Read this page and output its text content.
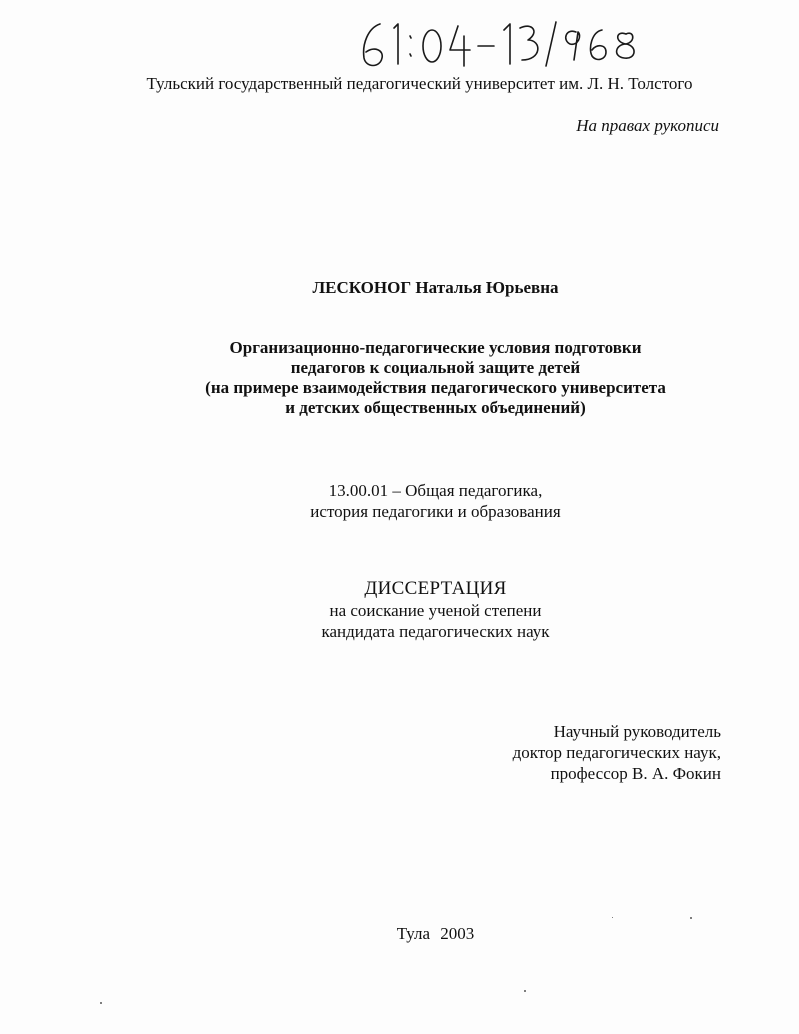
Тульский государственный педагогический университет им. Л. Н. Толстого
На правах рукописи
ЛЕСКОНОГ Наталья Юрьевна
Организационно-педагогические условия подготовки
педагогов к социальной защите детей
(на примере взаимодействия педагогического университета
и детских общественных объединений)
13.00.01 – Общая педагогика,
история педагогики и образования
ДИССЕРТАЦИЯ
на соискание ученой степени
кандидата педагогических наук
Научный руководитель
доктор педагогических наук,
профессор В. А. Фокин
Тула 2003
